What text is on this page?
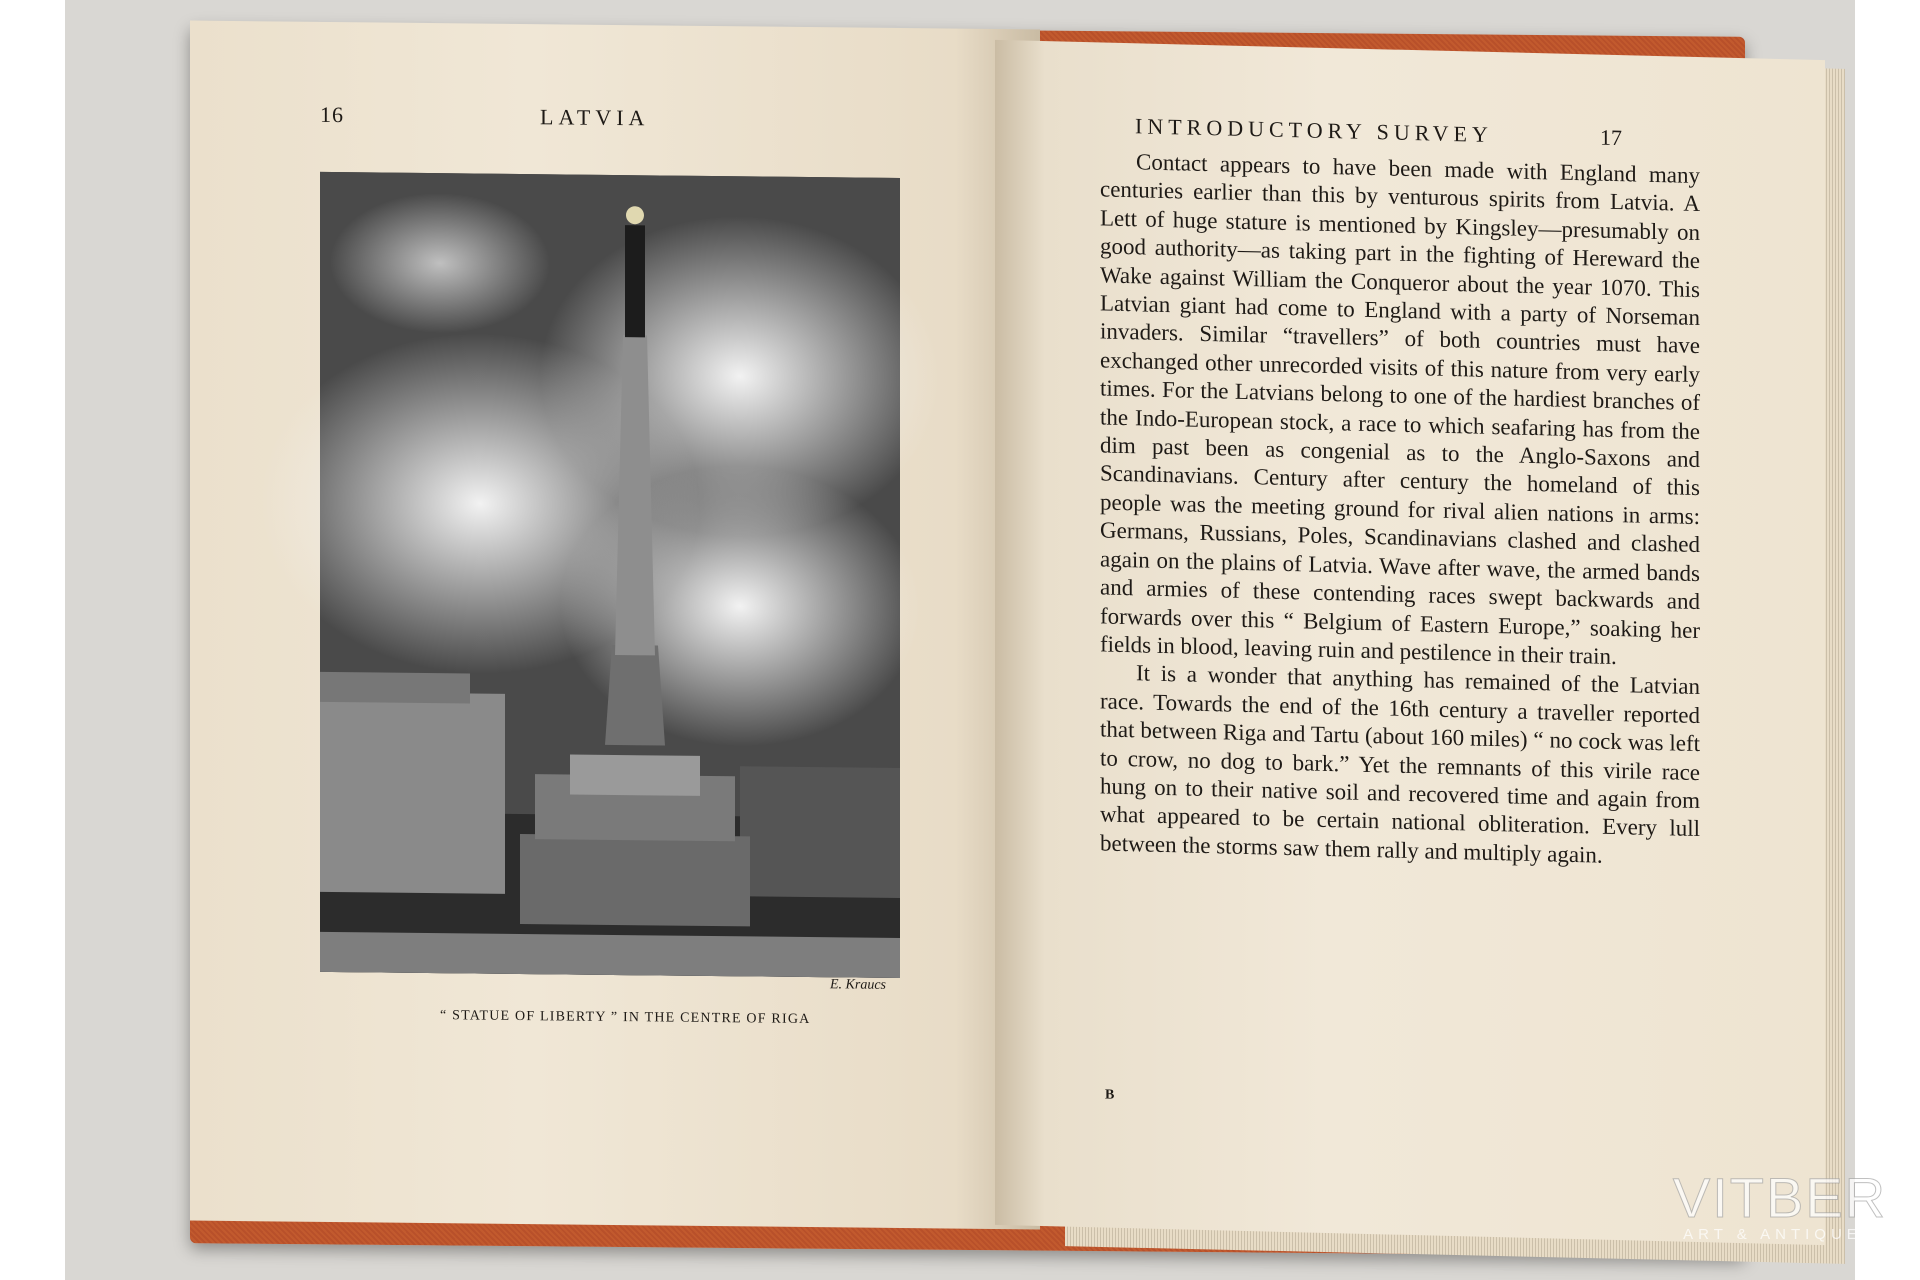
16	LATVIA
E. Kraucs
“ STATUE OF LIBERTY ” IN THE CENTRE OF RIGA
INTRODUCTORY SURVEY	17

Contact appears to have been made with England many centuries earlier than this by venturous spirits from Latvia. A Lett of huge stature is mentioned by Kingsley—presumably on good authority—as taking part in the fighting of Hereward the Wake against William the Conqueror about the year 1070. This Latvian giant had come to England with a party of Norseman invaders. Similar “travellers” of both countries must have exchanged other unrecorded visits of this nature from very early times. For the Latvians belong to one of the hardiest branches of the Indo-European stock, a race to which seafaring has from the dim past been as congenial as to the Anglo-Saxons and Scandinavians. Century after century the homeland of this people was the meeting ground for rival alien nations in arms: Germans, Russians, Poles, Scandinavians clashed and clashed again on the plains of Latvia. Wave after wave, the armed bands and armies of these contending races swept backwards and forwards over this “ Belgium of Eastern Europe,” soaking her fields in blood, leaving ruin and pestilence in their train.

It is a wonder that anything has remained of the Latvian race. Towards the end of the 16th century a traveller reported that between Riga and Tartu (about 160 miles) “ no cock was left to crow, no dog to bark.” Yet the remnants of this virile race hung on to their native soil and recovered time and again from what appeared to be certain national obliteration. Every lull between the storms saw them rally and multiply again.

B
VITBER
ART & ANTIQUES
